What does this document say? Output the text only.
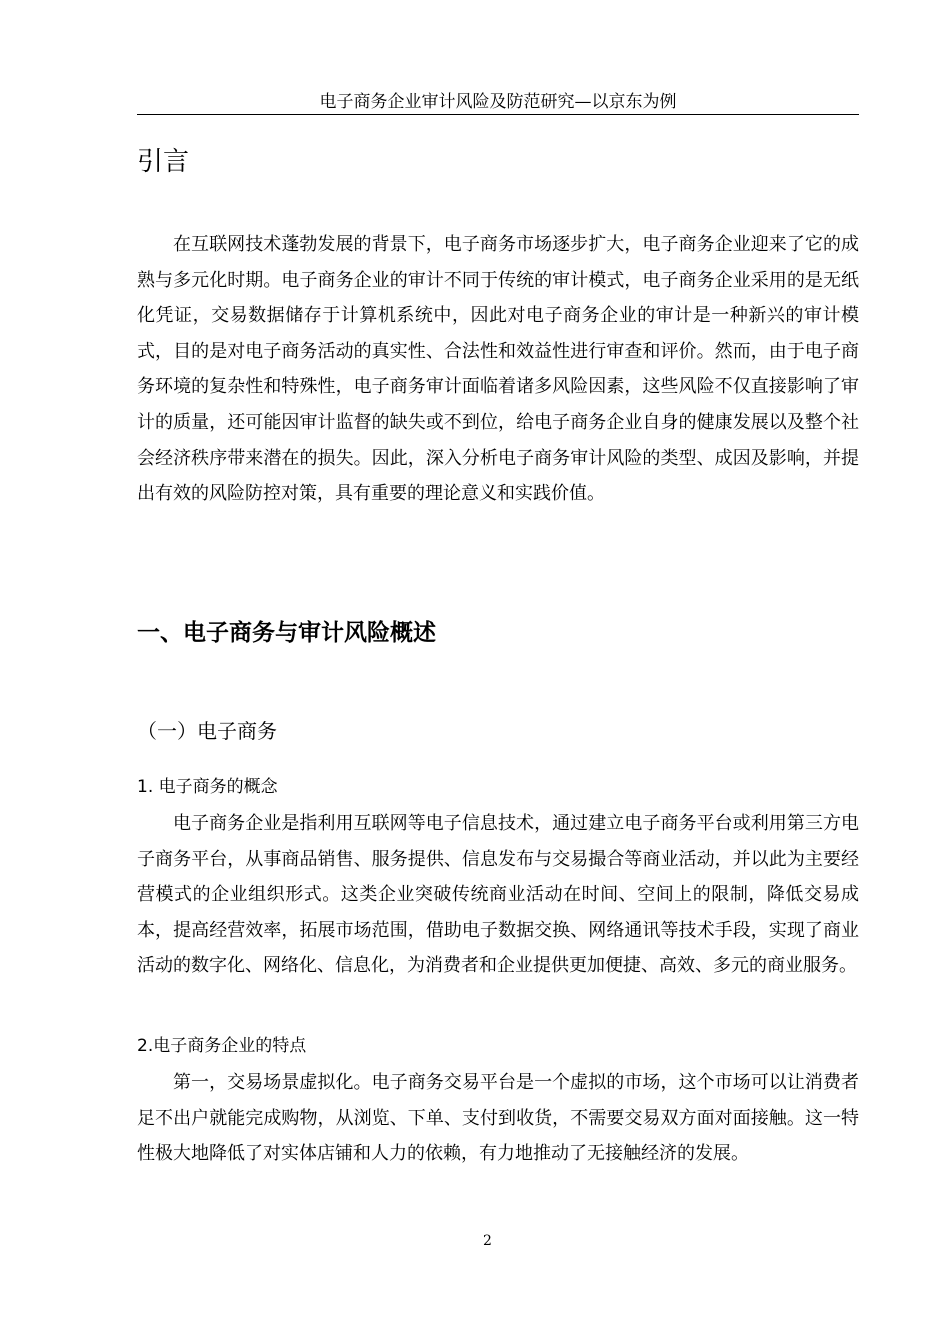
电子商务企业审计风险及防范研究—以京东为例
引言
在互联网技术蓬勃发展的背景下，电子商务市场逐步扩大，电子商务企业迎来了它的成熟与多元化时期。电子商务企业的审计不同于传统的审计模式，电子商务企业采用的是无纸化凭证，交易数据储存于计算机系统中，因此对电子商务企业的审计是一种新兴的审计模式，目的是对电子商务活动的真实性、合法性和效益性进行审查和评价。然而，由于电子商务环境的复杂性和特殊性，电子商务审计面临着诸多风险因素，这些风险不仅直接影响了审计的质量，还可能因审计监督的缺失或不到位，给电子商务企业自身的健康发展以及整个社会经济秩序带来潜在的损失。因此，深入分析电子商务审计风险的类型、成因及影响，并提出有效的风险防控对策，具有重要的理论意义和实践价值。
一、电子商务与审计风险概述
（一）电子商务
1. 电子商务的概念
电子商务企业是指利用互联网等电子信息技术，通过建立电子商务平台或利用第三方电子商务平台，从事商品销售、服务提供、信息发布与交易撮合等商业活动，并以此为主要经营模式的企业组织形式。这类企业突破传统商业活动在时间、空间上的限制，降低交易成本，提高经营效率，拓展市场范围，借助电子数据交换、网络通讯等技术手段，实现了商业活动的数字化、网络化、信息化，为消费者和企业提供更加便捷、高效、多元的商业服务。
2.电子商务企业的特点
第一，交易场景虚拟化。电子商务交易平台是一个虚拟的市场，这个市场可以让消费者足不出户就能完成购物，从浏览、下单、支付到收货，不需要交易双方面对面接触。这一特性极大地降低了对实体店铺和人力的依赖，有力地推动了无接触经济的发展。
2
